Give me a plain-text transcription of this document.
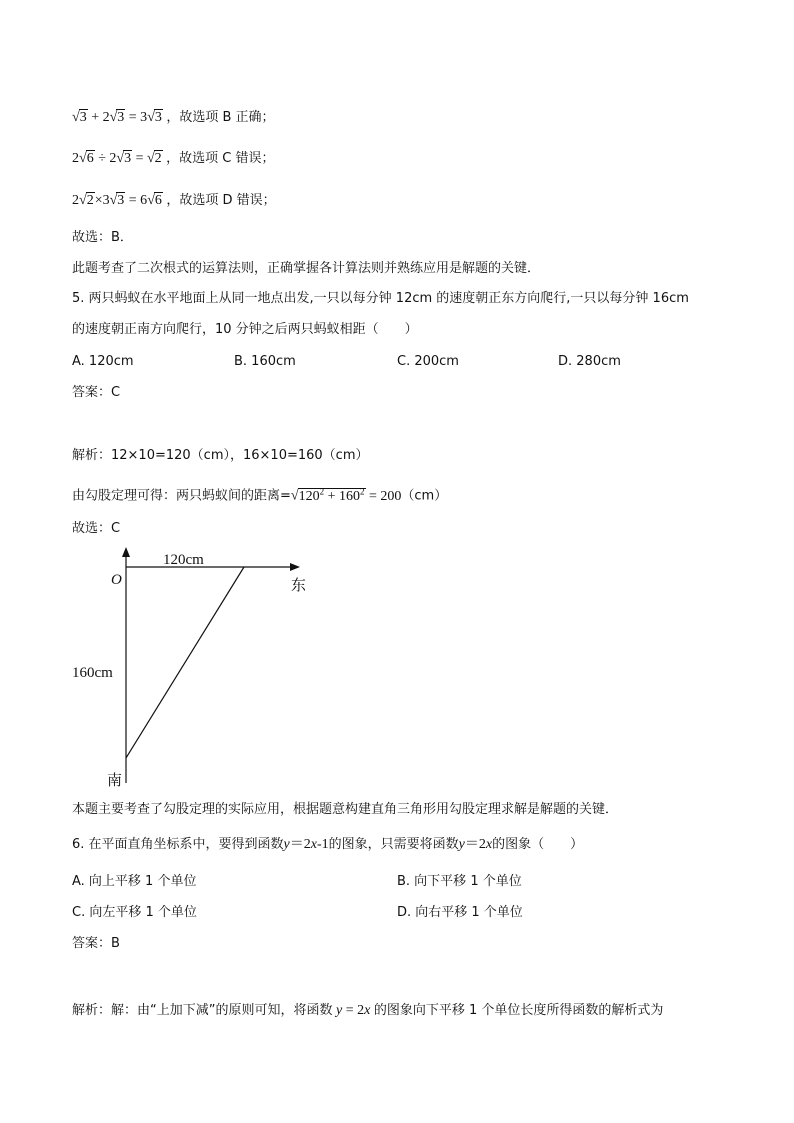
√3 + 2√3 = 3√3 ，故选项 B 正确；
2√6 ÷ 2√3 = √2 ，故选项 C 错误；
2√2×3√3 = 6√6 ，故选项 D 错误；
故选：B．
此题考查了二次根式的运算法则，正确掌握各计算法则并熟练应用是解题的关键．
5. 两只蚂蚁在水平地面上从同一地点出发,一只以每分钟 12cm 的速度朝正东方向爬行,一只以每分钟 16cm
的速度朝正南方向爬行，10 分钟之后两只蚂蚁相距（　　）
A. 120cm	B. 160cm	C. 200cm	D. 280cm
答案：C
解析：12×10=120（cm），16×10=160（cm）
由勾股定理可得：两只蚂蚁间的距离$=√120^2 + 160^2 = 200(cm)$
故选：C
O
120cm
东
160cm
南
本题主要考查了勾股定理的实际应用，根据题意构建直角三角形用勾股定理求解是解题的关键．
6. 在平面直角坐标系中，要得到函数y＝2x-1的图象，只需要将函数y＝2x的图象（　　）
A. 向上平移 1 个单位	B. 向下平移 1 个单位
C. 向左平移 1 个单位	D. 向右平移 1 个单位
答案：B
解析：解：由“上加下减”的原则可知，将函数 y = 2x 的图象向下平移 1 个单位长度所得函数的解析式为
